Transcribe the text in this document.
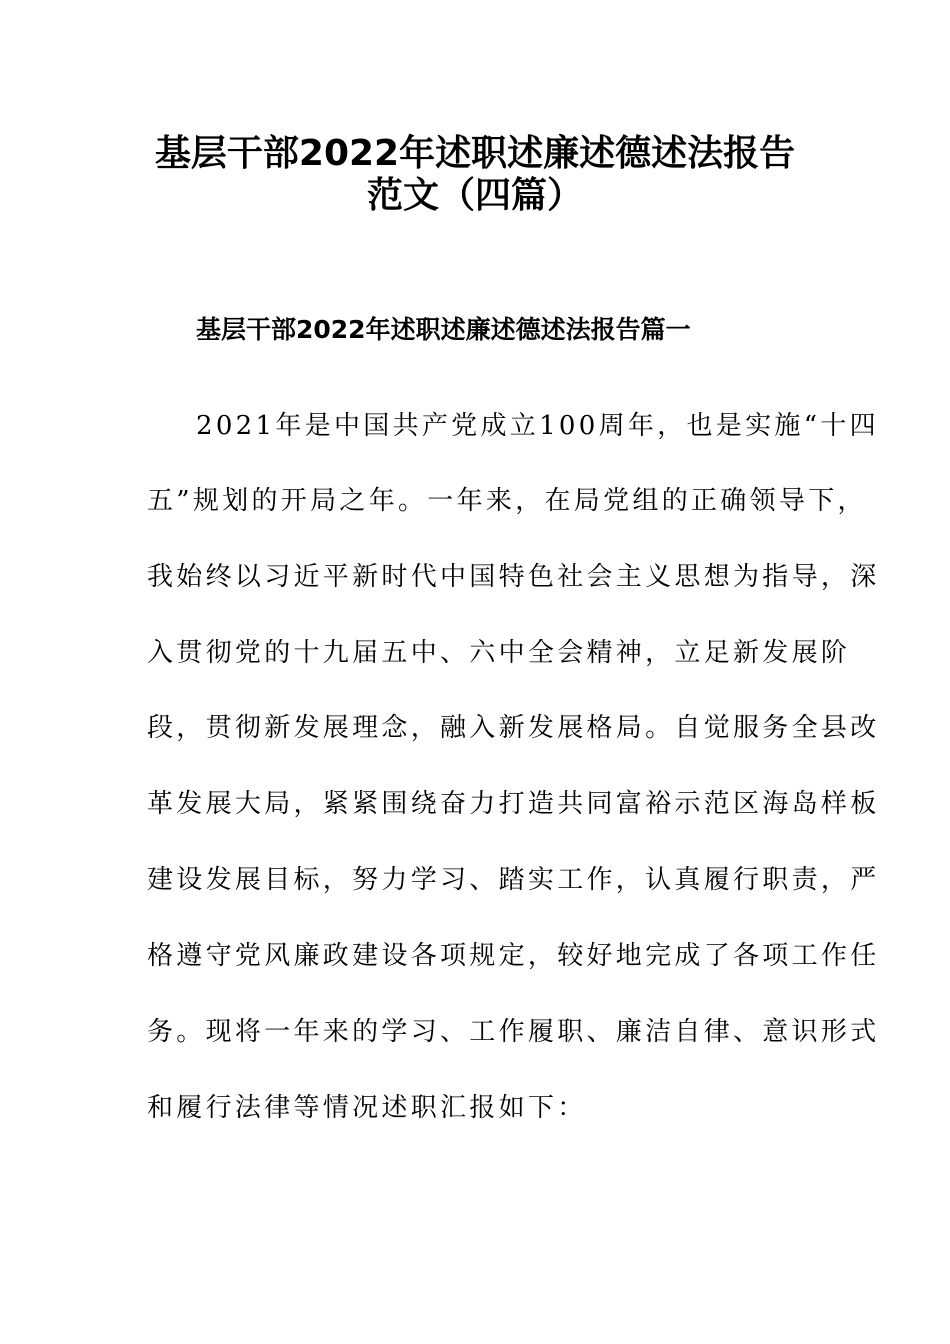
基层干部2022年述职述廉述德述法报告
范文（四篇）
基层干部2022年述职述廉述德述法报告篇一
2021年是中国共产党成立100周年，也是实施“十四
五”规划的开局之年。一年来，在局党组的正确领导下，
我始终以习近平新时代中国特色社会主义思想为指导，深
入贯彻党的十九届五中、六中全会精神，立足新发展阶
段，贯彻新发展理念，融入新发展格局。自觉服务全县改
革发展大局，紧紧围绕奋力打造共同富裕示范区海岛样板
建设发展目标，努力学习、踏实工作，认真履行职责，严
格遵守党风廉政建设各项规定，较好地完成了各项工作任
务。现将一年来的学习、工作履职、廉洁自律、意识形式
和履行法律等情况述职汇报如下：
